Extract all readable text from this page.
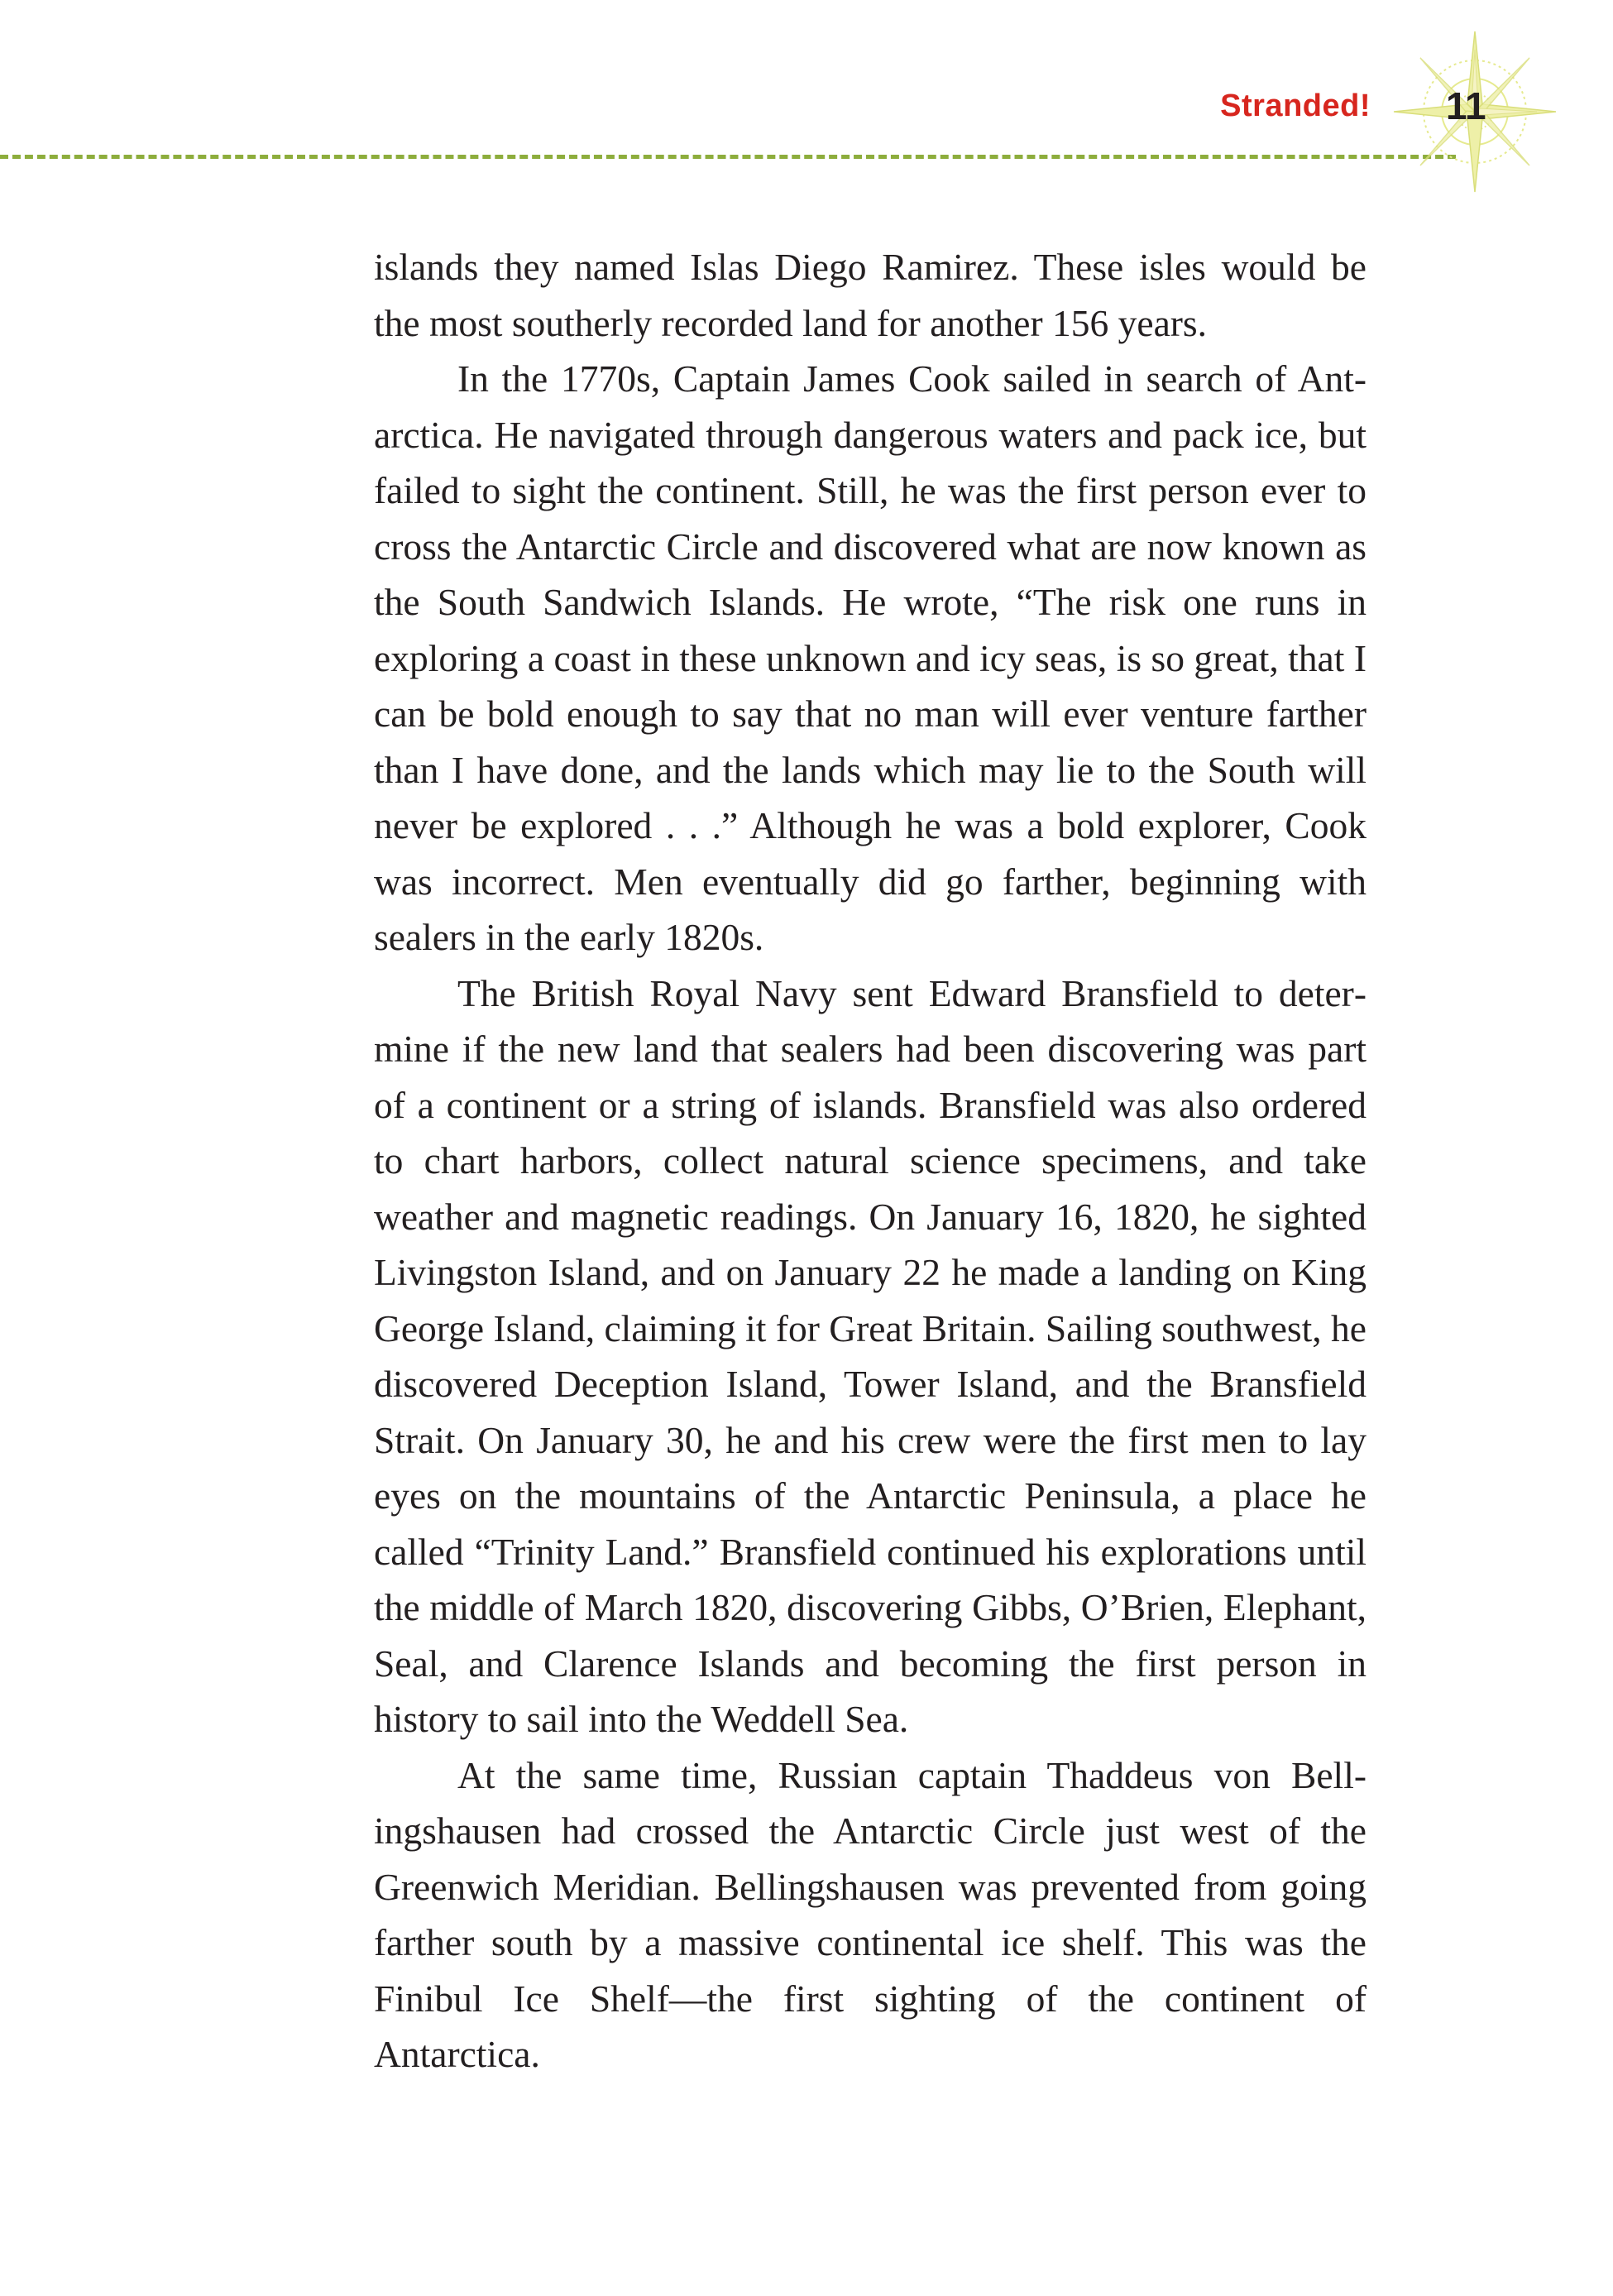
Stranded! 11

islands they named Islas Diego Ramirez. These isles would be the most southerly recorded land for another 156 years.

In the 1770s, Captain James Cook sailed in search of Antarctica. He navigated through dangerous waters and pack ice, but failed to sight the continent. Still, he was the first person ever to cross the Antarctic Circle and discovered what are now known as the South Sandwich Islands. He wrote, “The risk one runs in exploring a coast in these unknown and icy seas, is so great, that I can be bold enough to say that no man will ever venture farther than I have done, and the lands which may lie to the South will never be explored . . .” Although he was a bold explorer, Cook was incorrect. Men eventually did go farther, beginning with sealers in the early 1820s.

The British Royal Navy sent Edward Bransfield to determine if the new land that sealers had been discovering was part of a continent or a string of islands. Bransfield was also ordered to chart harbors, collect natural science specimens, and take weather and magnetic readings. On January 16, 1820, he sighted Livingston Island, and on January 22 he made a landing on King George Island, claiming it for Great Britain. Sailing southwest, he discovered Deception Island, Tower Island, and the Bransfield Strait. On January 30, he and his crew were the first men to lay eyes on the mountains of the Antarctic Peninsula, a place he called “Trinity Land.” Bransfield continued his explorations until the middle of March 1820, discovering Gibbs, O’Brien, Elephant, Seal, and Clarence Islands and becoming the first person in history to sail into the Weddell Sea.

At the same time, Russian captain Thaddeus von Bellingshausen had crossed the Antarctic Circle just west of the Greenwich Meridian. Bellingshausen was prevented from going farther south by a massive continental ice shelf. This was the Finibul Ice Shelf—the first sighting of the continent of Antarctica.
